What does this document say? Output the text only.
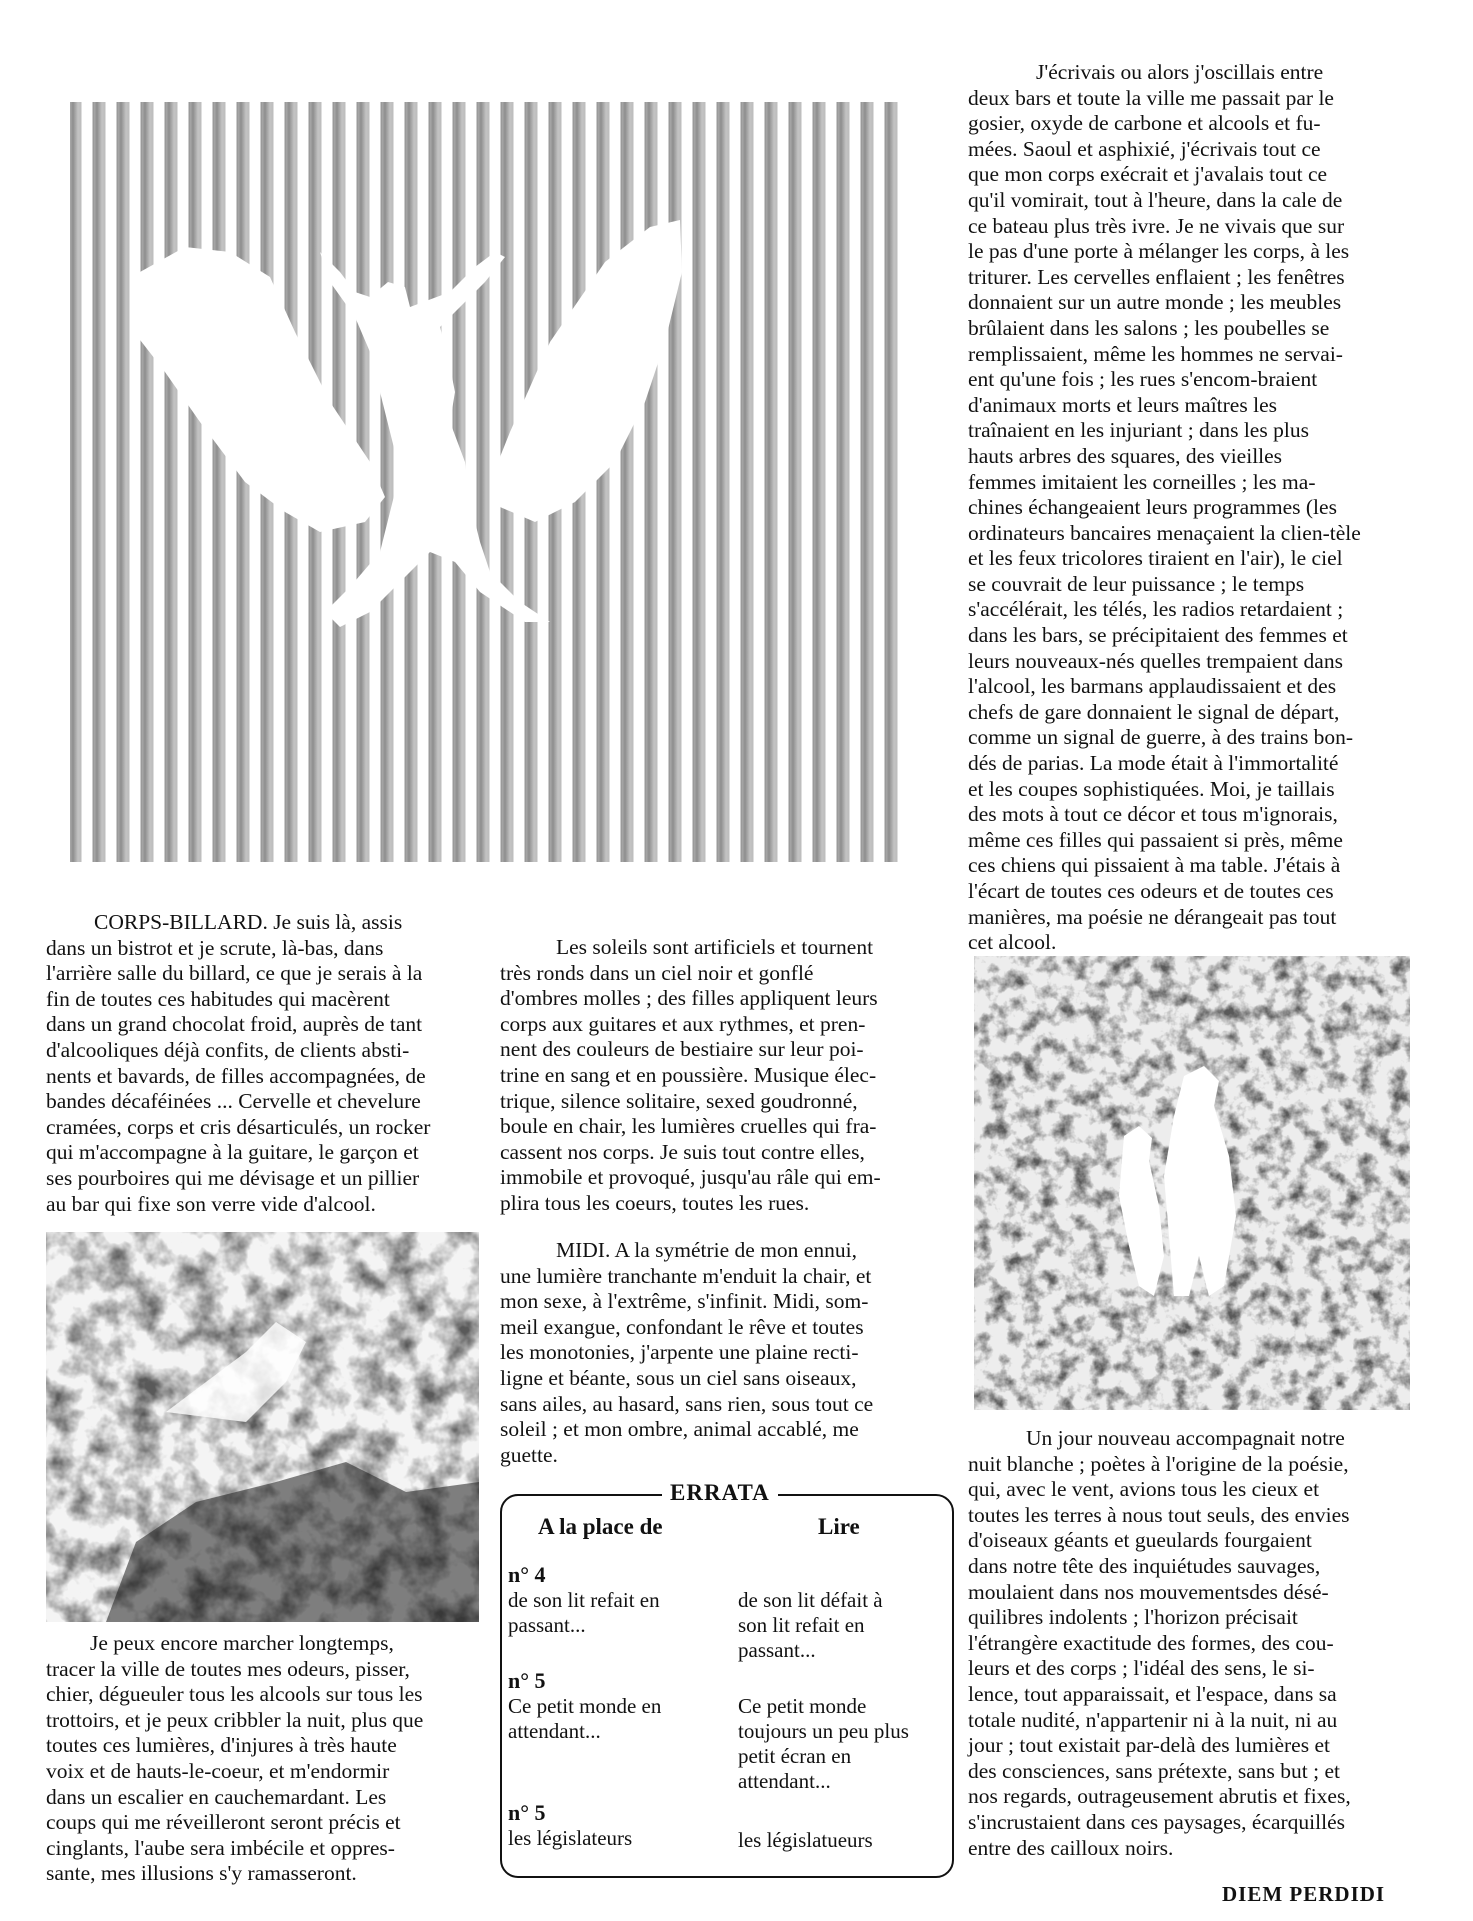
J'écrivais ou alors j'oscillais entre
deux bars et toute la ville me passait par le
gosier, oxyde de carbone et alcools et fu-
mées. Saoul et asphixié, j'écrivais tout ce
que mon corps exécrait et j'avalais tout ce
qu'il vomirait, tout à l'heure, dans la cale de
ce bateau plus très ivre. Je ne vivais que sur
le pas d'une porte à mélanger les corps, à les
triturer. Les cervelles enflaient ; les fenêtres
donnaient sur un autre monde ; les meubles
brûlaient dans les salons ; les poubelles se
remplissaient, même les hommes ne servai-
ent qu'une fois ; les rues s'encom-braient
d'animaux morts et leurs maîtres les
traînaient en les injuriant ; dans les plus
hauts arbres des squares, des vieilles
femmes imitaient les corneilles ; les ma-
chines échangeaient leurs programmes (les
ordinateurs bancaires menaçaient la clien-tèle
et les feux tricolores tiraient en l'air), le ciel
se couvrait de leur puissance ; le temps
s'accélérait, les télés, les radios retardaient ;
dans les bars, se précipitaient des femmes et
leurs nouveaux-nés quelles trempaient dans
l'alcool, les barmans applaudissaient et des
chefs de gare donnaient le signal de départ,
comme un signal de guerre, à des trains bon-
dés de parias. La mode était à l'immortalité
et les coupes sophistiquées. Moi, je taillais
des mots à tout ce décor et tous m'ignorais,
même ces filles qui passaient si près, même
ces chiens qui pissaient à ma table. J'étais à
l'écart de toutes ces odeurs et de toutes ces
manières, ma poésie ne dérangeait pas tout
cet alcool.
CORPS-BILLARD. Je suis là, assis
dans un bistrot et je scrute, là-bas, dans
l'arrière salle du billard, ce que je serais à la
fin de toutes ces habitudes qui macèrent
dans un grand chocolat froid, auprès de tant
d'alcooliques déjà confits, de clients absti-
nents et bavards, de filles accompagnées, de
bandes décaféinées ... Cervelle et chevelure
cramées, corps et cris désarticulés, un rocker
qui m'accompagne à la guitare, le garçon et
ses pourboires qui me dévisage et un pillier
au bar qui fixe son verre vide d'alcool.
Les soleils sont artificiels et tournent
très ronds dans un ciel noir et gonflé
d'ombres molles ; des filles appliquent leurs
corps aux guitares et aux rythmes, et pren-
nent des couleurs de bestiaire sur leur poi-
trine en sang et en poussière. Musique élec-
trique, silence solitaire, sexed goudronné,
boule en chair, les lumières cruelles qui fra-
cassent nos corps. Je suis tout contre elles,
immobile et provoqué, jusqu'au râle qui em-
plira tous les coeurs, toutes les rues.
MIDI. A la symétrie de mon ennui,
une lumière tranchante m'enduit la chair, et
mon sexe, à l'extrême, s'infinit. Midi, som-
meil exangue, confondant le rêve et toutes
les monotonies, j'arpente une plaine recti-
ligne et béante, sous un ciel sans oiseaux,
sans ailes, au hasard, sans rien, sous tout ce
soleil ; et mon ombre, animal accablé, me
guette.
Je peux encore marcher longtemps,
tracer la ville de toutes mes odeurs, pisser,
chier, dégueuler tous les alcools sur tous les
trottoirs, et je peux cribbler la nuit, plus que
toutes ces lumières, d'injures à très haute
voix et de hauts-le-coeur, et m'endormir
dans un escalier en cauchemardant. Les
coups qui me réveilleront seront précis et
cinglants, l'aube sera imbécile et oppres-
sante, mes illusions s'y ramasseront.
Un jour nouveau accompagnait notre
nuit blanche ; poètes à l'origine de la poésie,
qui, avec le vent, avions tous les cieux et
toutes les terres à nous tout seuls, des envies
d'oiseaux géants et gueulards fourgaient
dans notre tête des inquiétudes sauvages,
moulaient dans nos mouvementsdes désé-
quilibres indolents ; l'horizon précisait
l'étrangère exactitude des formes, des cou-
leurs et des corps ; l'idéal des sens, le si-
lence, tout apparaissait, et l'espace, dans sa
totale nudité, n'appartenir ni à la nuit, ni au
jour ; tout existait par-delà des lumières et
des consciences, sans prétexte, sans but ; et
nos regards, outrageusement abrutis et fixes,
s'incrustaient dans ces paysages, écarquillés
entre des cailloux noirs.
ERRATA
A la place de	Lire
n° 4
de son lit refait en
passant...
de son lit défait à
son lit refait en
passant...
n° 5
Ce petit monde en
attendant...
Ce petit monde
toujours un peu plus
petit écran en
attendant...
n° 5
les législateurs	les législatueurs
DIEM PERDIDI
